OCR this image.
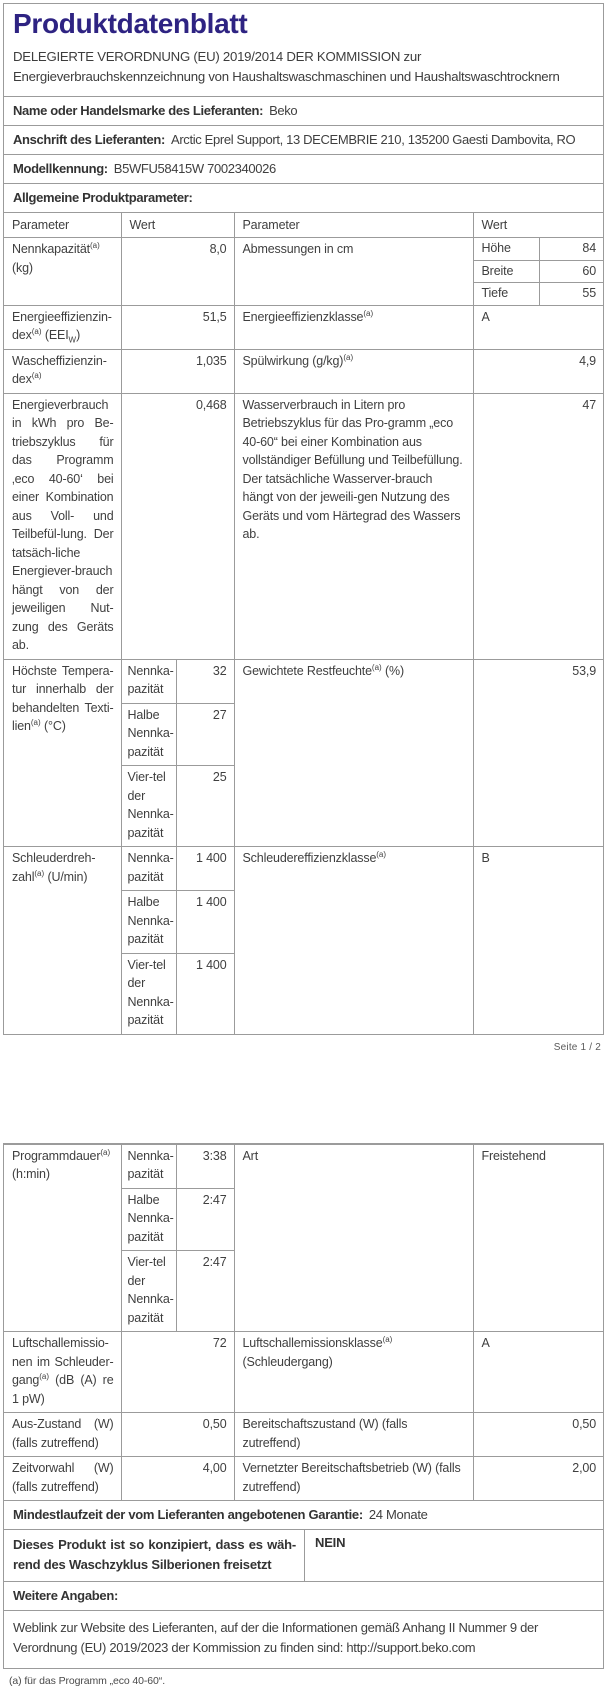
Produktdatenblatt

DELEGIERTE VERORDNUNG (EU) 2019/2014 DER KOMMISSION zur
Energieverbrauchskennzeichnung von Haushaltswaschmaschinen und Haushaltswaschtrocknern

Name oder Handelsmarke des Lieferanten: Beko
Anschrift des Lieferanten: Arctic Eprel Support, 13 DECEMBRIE 210, 135200 Gaesti Dambovita, RO
Modellkennung: B5WFU58415W 7002340026
Allgemeine Produktparameter:
Parameter	Wert		Parameter	Wert	
Nennkapazität$^{(a)}$ (kg)	8,0		Abmessungen in cm	Höhe	84
				Breite	60
				Tiefe	55
Energieeffizienzin-dex$^{(a)}$ $(EEI_W)$	51,5		Energieeffizienzklasse$^{(a)}$	A	
Wascheffizienzin-dex$^{(a)}$	1,035		Spülwirkung $(g/kg)^{(a)}$	4,9	
Energieverbrauch in kWh pro Be-triebszyklus für das Programm ‚eco 40-60‘ bei einer Kombination aus Voll- und Teilbefül-lung. Der tatsäch-liche Energiever-brauch hängt von der jeweiligen Nut-zung des Geräts ab.	0,468	Wasserverbrauch in Litern pro Betriebszyklus für das Pro-gramm „eco 40-60“ bei einer Kombination aus vollständiger Befüllung und Teilbefüllung. Der tatsächliche Wasserver-brauch hängt von der jeweili-gen Nutzung des Geräts und vom Härtegrad des Wassers ab.	47
Höchste Tempera-tur innerhalb der behandelten Texti-lien$^{(a)}$ (°C)	Nennka-pazität	32	Gewichtete Restfeuchte$^{(a)}$ (%)	53,9	
	Halbe Nennka-pazität	27			
	Vier-tel der Nennka-pazität	25			
Schleuderdreh-zahl$^{(a)}$ (U/min)	Nennka-pazität	1 400	Schleudereffizienzklasse$^{(a)}$	B	
	Halbe Nennka-pazität	1 400			
	Vier-tel der Nennka-pazität	1 400			
Seite 1 / 2
Programmdauer$^{(a)}$ (h:min)	Nennka-pazität	3:38	Art	Freistehend
	Halbe Nennka-pazität	2:47		
	Vier-tel der Nennka-pazität	2:47		
Luftschallemissio-nen im Schleuder-gang$^{(a)}$ (dB (A) re 1 pW)	72		Luftschallemissionsklasse$^{(a)}$ (Schleudergang)	A
Aus-Zustand (W) (falls zutreffend)	0,50		Bereitschaftszustand (W) (falls zutreffend)	0,50
Zeitvorwahl (W) (falls zutreffend)	4,00		Vernetzter Bereitschaftsbetrieb (W) (falls zutreffend)	2,00
Mindestlaufzeit der vom Lieferanten angebotenen Garantie: 24 Monate
Dieses Produkt ist so konzipiert, dass es wäh-rend des Waschzyklus Silberionen freisetzt
NEIN
Weitere Angaben:
Weblink zur Website des Lieferanten, auf der die Informationen gemäß Anhang II Nummer 9 der Verordnung (EU) 2019/2023 der Kommission zu finden sind: http://support.beko.com
(a) für das Programm „eco 40-60“.
